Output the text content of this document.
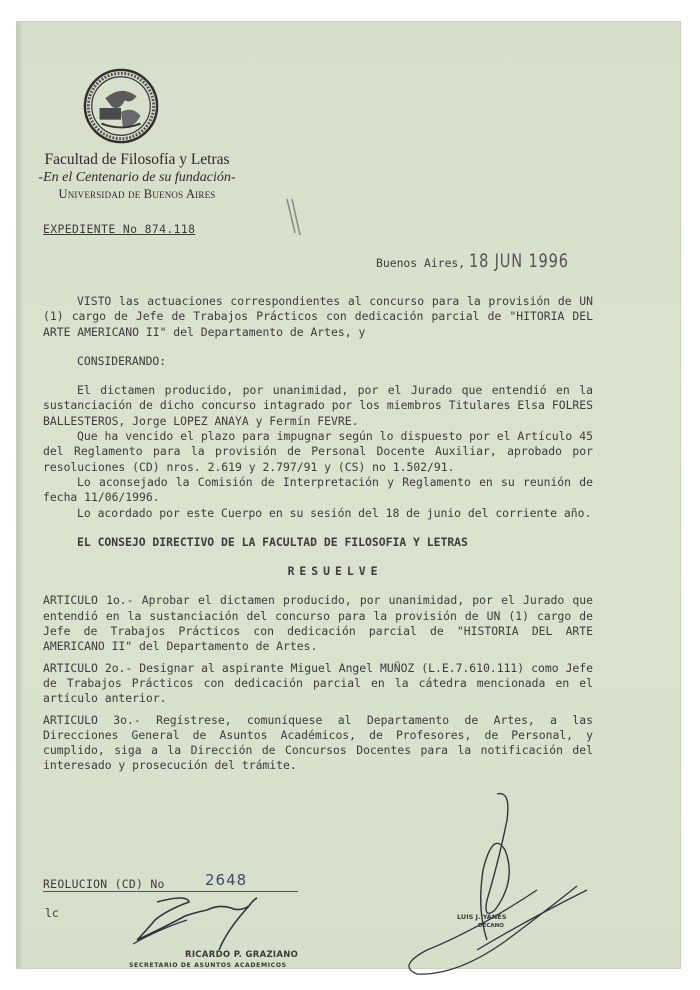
Facultad de Filosofía y Letras
-En el Centenario de su fundación-
Universidad de Buenos Aires
EXPEDIENTE No 874.118
Buenos Aires, 18 JUN 1996

VISTO las actuaciones correspondientes al concurso para la provisión de UN (1) cargo de Jefe de Trabajos Prácticos con dedicación parcial de "HITORIA DEL ARTE AMERICANO II" del Departamento de Artes, y

CONSIDERANDO:

El dictamen producido, por unanimidad, por el Jurado que entendió en la sustanciación de dicho concurso intagrado por los miembros Titulares Elsa FOLRES BALLESTEROS, Jorge LOPEZ ANAYA y Fermín FEVRE.

Que ha vencido el plazo para impugnar según lo dispuesto por el Artículo 45 del Reglamento para la provisión de Personal Docente Auxiliar, aprobado por resoluciones (CD) nros. 2.619 y 2.797/91 y (CS) no 1.502/91.

Lo aconsejado la Comisión de Interpretación y Reglamento en su reunión de fecha 11/06/1996.

Lo acordado por este Cuerpo en su sesión del 18 de junio del corriente año.

EL CONSEJO DIRECTIVO DE LA FACULTAD DE FILOSOFIA Y LETRAS

RESUELVE

ARTICULO 1o.- Aprobar el dictamen producido, por unanimidad, por el Jurado que entendió en la sustanciación del concurso para la provisión de UN (1) cargo de Jefe de Trabajos Prácticos con dedicación parcial de "HISTORIA DEL ARTE AMERICANO II" del Departamento de Artes.

ARTICULO 2o.- Designar al aspirante Miguel Angel MUÑOZ (L.E.7.610.111) como Jefe de Trabajos Prácticos con dedicación parcial en la cátedra mencionada en el artículo anterior.

ARTICULO 3o.- Regístrese, comuníquese al Departamento de Artes, a las Direcciones General de Asuntos Académicos, de Profesores, de Personal, y cumplido, siga a la Dirección de Concursos Docentes para la notificación del interesado y prosecución del trámite.

REOLUCION (CD) No	2648
lc
RICARDO P. GRAZIANO
SECRETARIO DE ASUNTOS ACADEMICOS
LUIS J. YANES
DECANO
